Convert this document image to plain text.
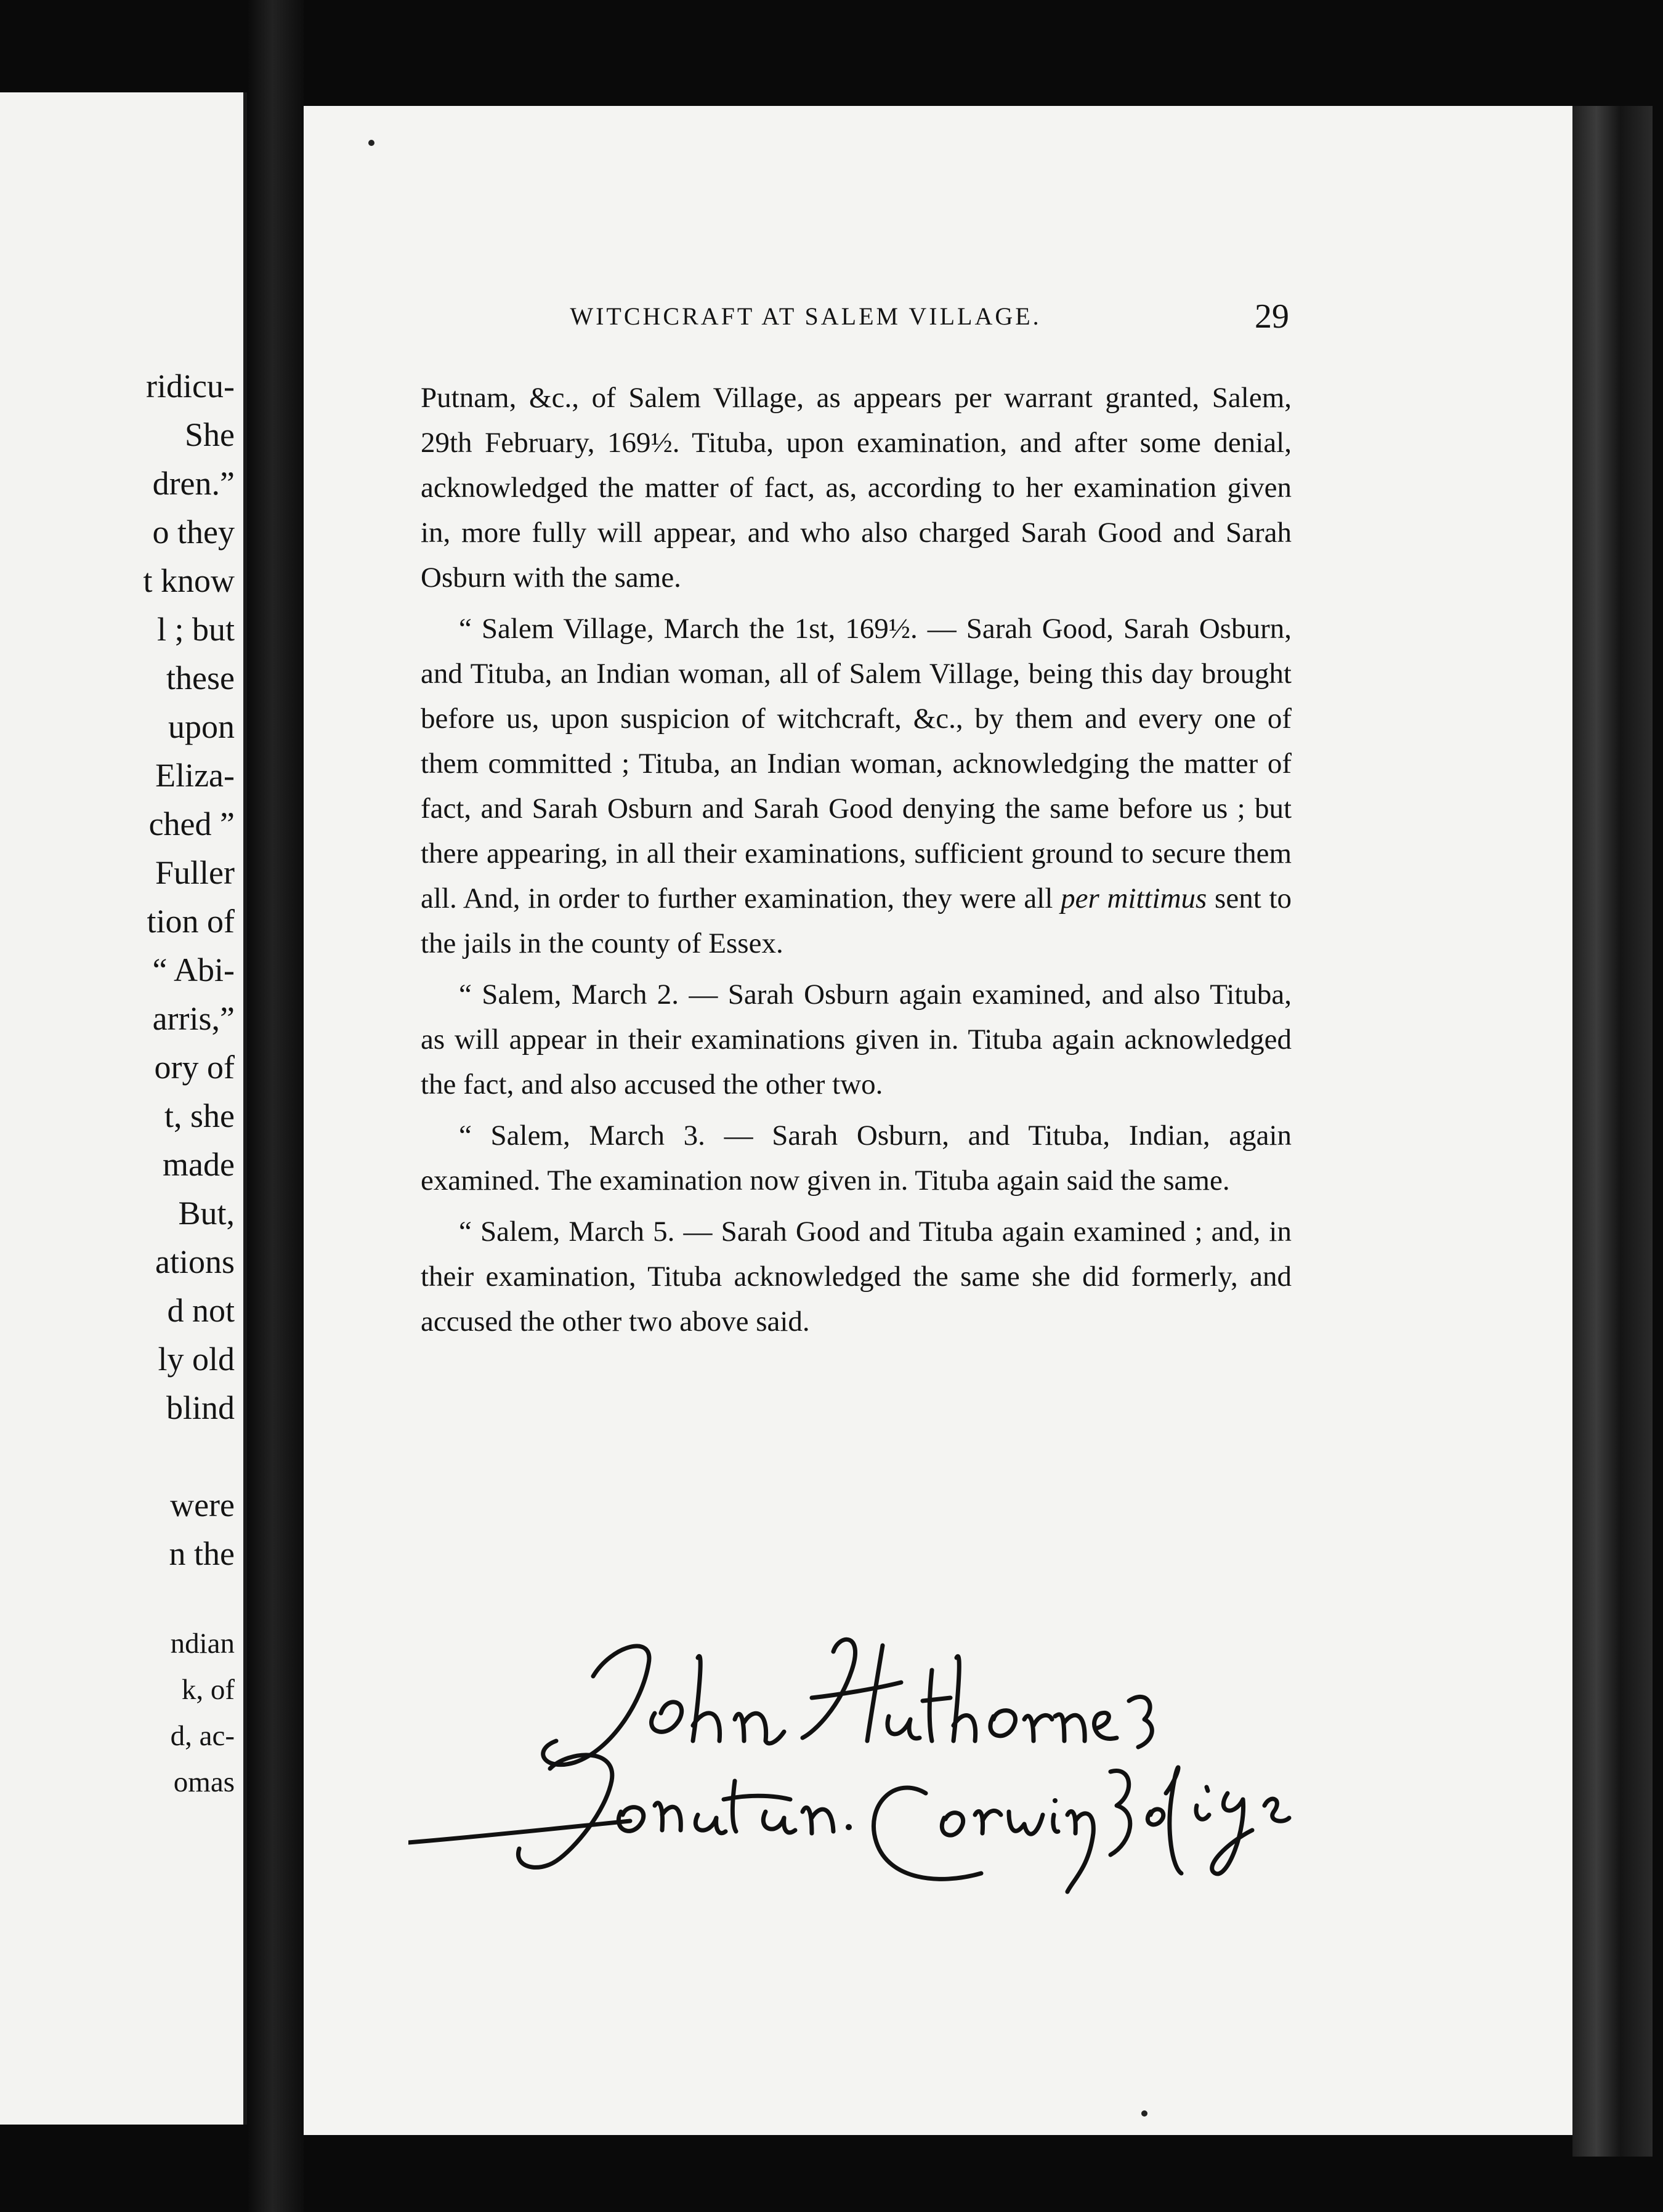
ridicu-
She
dren.”
o they
t know
l ; but
these
upon
Eliza-
ched ”
Fuller
tion of
“ Abi-
arris,”
ory of
t, she
made
But,
ations
d not
ly old
blind
were
n the
ndian
k, of
d, ac-
omas
WITCHCRAFT AT SALEM VILLAGE.	29

Putnam, &c., of Salem Village, as appears per warrant granted, Salem, 29th February, 169½. Tituba, upon examination, and after some denial, acknowledged the matter of fact, as, according to her examination given in, more fully will appear, and who also charged Sarah Good and Sarah Osburn with the same.

“ Salem Village, March the 1st, 169½. — Sarah Good, Sarah Osburn, and Tituba, an Indian woman, all of Salem Village, being this day brought before us, upon suspicion of witchcraft, &c., by them and every one of them committed ; Tituba, an Indian woman, acknowledging the matter of fact, and Sarah Osburn and Sarah Good denying the same before us ; but there appearing, in all their examinations, sufficient ground to secure them all. And, in order to further examination, they were all per mittimus sent to the jails in the county of Essex.

“ Salem, March 2. — Sarah Osburn again examined, and also Tituba, as will appear in their examinations given in. Tituba again acknowledged the fact, and also accused the other two.

“ Salem, March 3. — Sarah Osburn, and Tituba, Indian, again examined. The examination now given in. Tituba again said the same.

“ Salem, March 5. — Sarah Good and Tituba again examined ; and, in their examination, Tituba acknowledged the same she did formerly, and accused the other two above said.
